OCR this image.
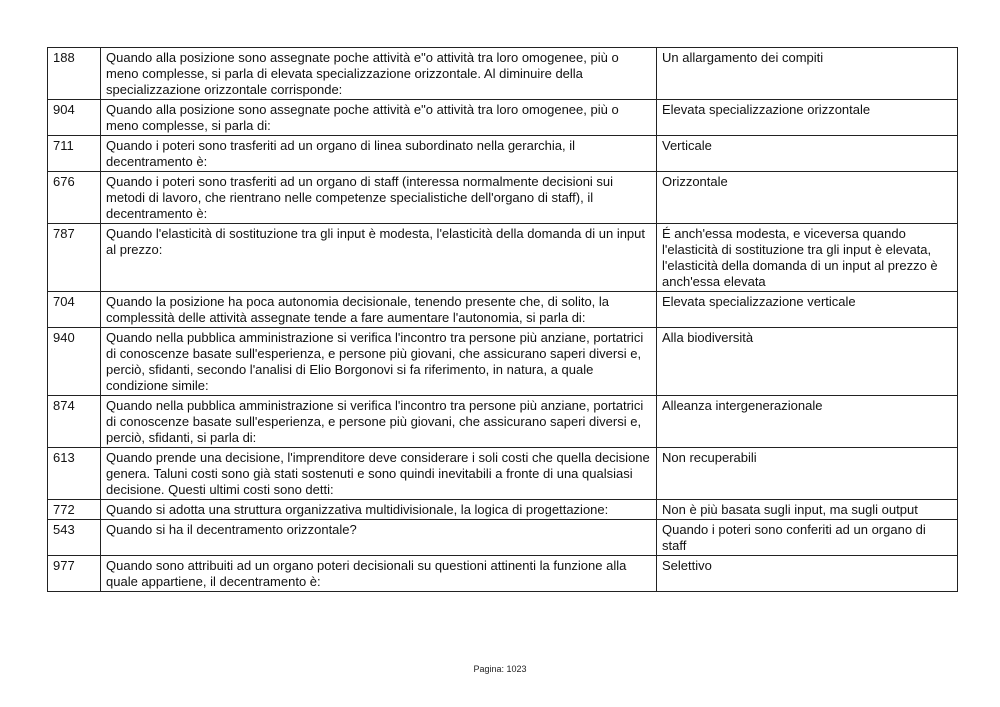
188	Quando alla posizione sono assegnate poche attività e"o attività tra loro omogenee, più o meno complesse, si parla di elevata specializzazione orizzontale. Al diminuire della specializzazione orizzontale corrisponde:	Un allargamento dei compiti
904	Quando alla posizione sono assegnate poche attività e"o attività tra loro omogenee, più o meno complesse, si parla di:	Elevata specializzazione orizzontale
711	Quando i poteri sono trasferiti ad un organo di linea subordinato nella gerarchia, il decentramento è:	Verticale
676	Quando i poteri sono trasferiti ad un organo di staff (interessa normalmente decisioni sui metodi di lavoro, che rientrano nelle competenze specialistiche dell'organo di staff), il decentramento è:	Orizzontale
787	Quando l'elasticità di sostituzione tra gli input è modesta, l'elasticità della domanda di un input al prezzo:	É anch'essa modesta, e viceversa quando l'elasticità di sostituzione tra gli input è elevata, l'elasticità della domanda di un input al prezzo è anch'essa elevata
704	Quando la posizione ha poca autonomia decisionale, tenendo presente che, di solito, la complessità delle attività assegnate tende a fare aumentare l'autonomia, si parla di:	Elevata specializzazione verticale
940	Quando nella pubblica amministrazione si verifica l'incontro tra persone più anziane, portatrici di conoscenze basate sull'esperienza, e persone più giovani, che assicurano saperi diversi e, perciò, sfidanti, secondo l'analisi di Elio Borgonovi si fa riferimento, in natura, a quale condizione simile:	Alla biodiversità
874	Quando nella pubblica amministrazione si verifica l'incontro tra persone più anziane, portatrici di conoscenze basate sull'esperienza, e persone più giovani, che assicurano saperi diversi e, perciò, sfidanti, si parla di:	Alleanza intergenerazionale
613	Quando prende una decisione, l'imprenditore deve considerare i soli costi che quella decisione genera. Taluni costi sono già stati sostenuti e sono quindi inevitabili a fronte di una qualsiasi decisione. Questi ultimi costi sono detti:	Non recuperabili
772	Quando si adotta una struttura organizzativa multidivisionale, la logica di progettazione:	Non è più basata sugli input, ma sugli output
543	Quando si ha il decentramento orizzontale?	Quando i poteri sono conferiti ad un organo di staff
977	Quando sono attribuiti ad un organo poteri decisionali su questioni attinenti la funzione alla quale appartiene, il decentramento è:	Selettivo
Pagina: 1023
